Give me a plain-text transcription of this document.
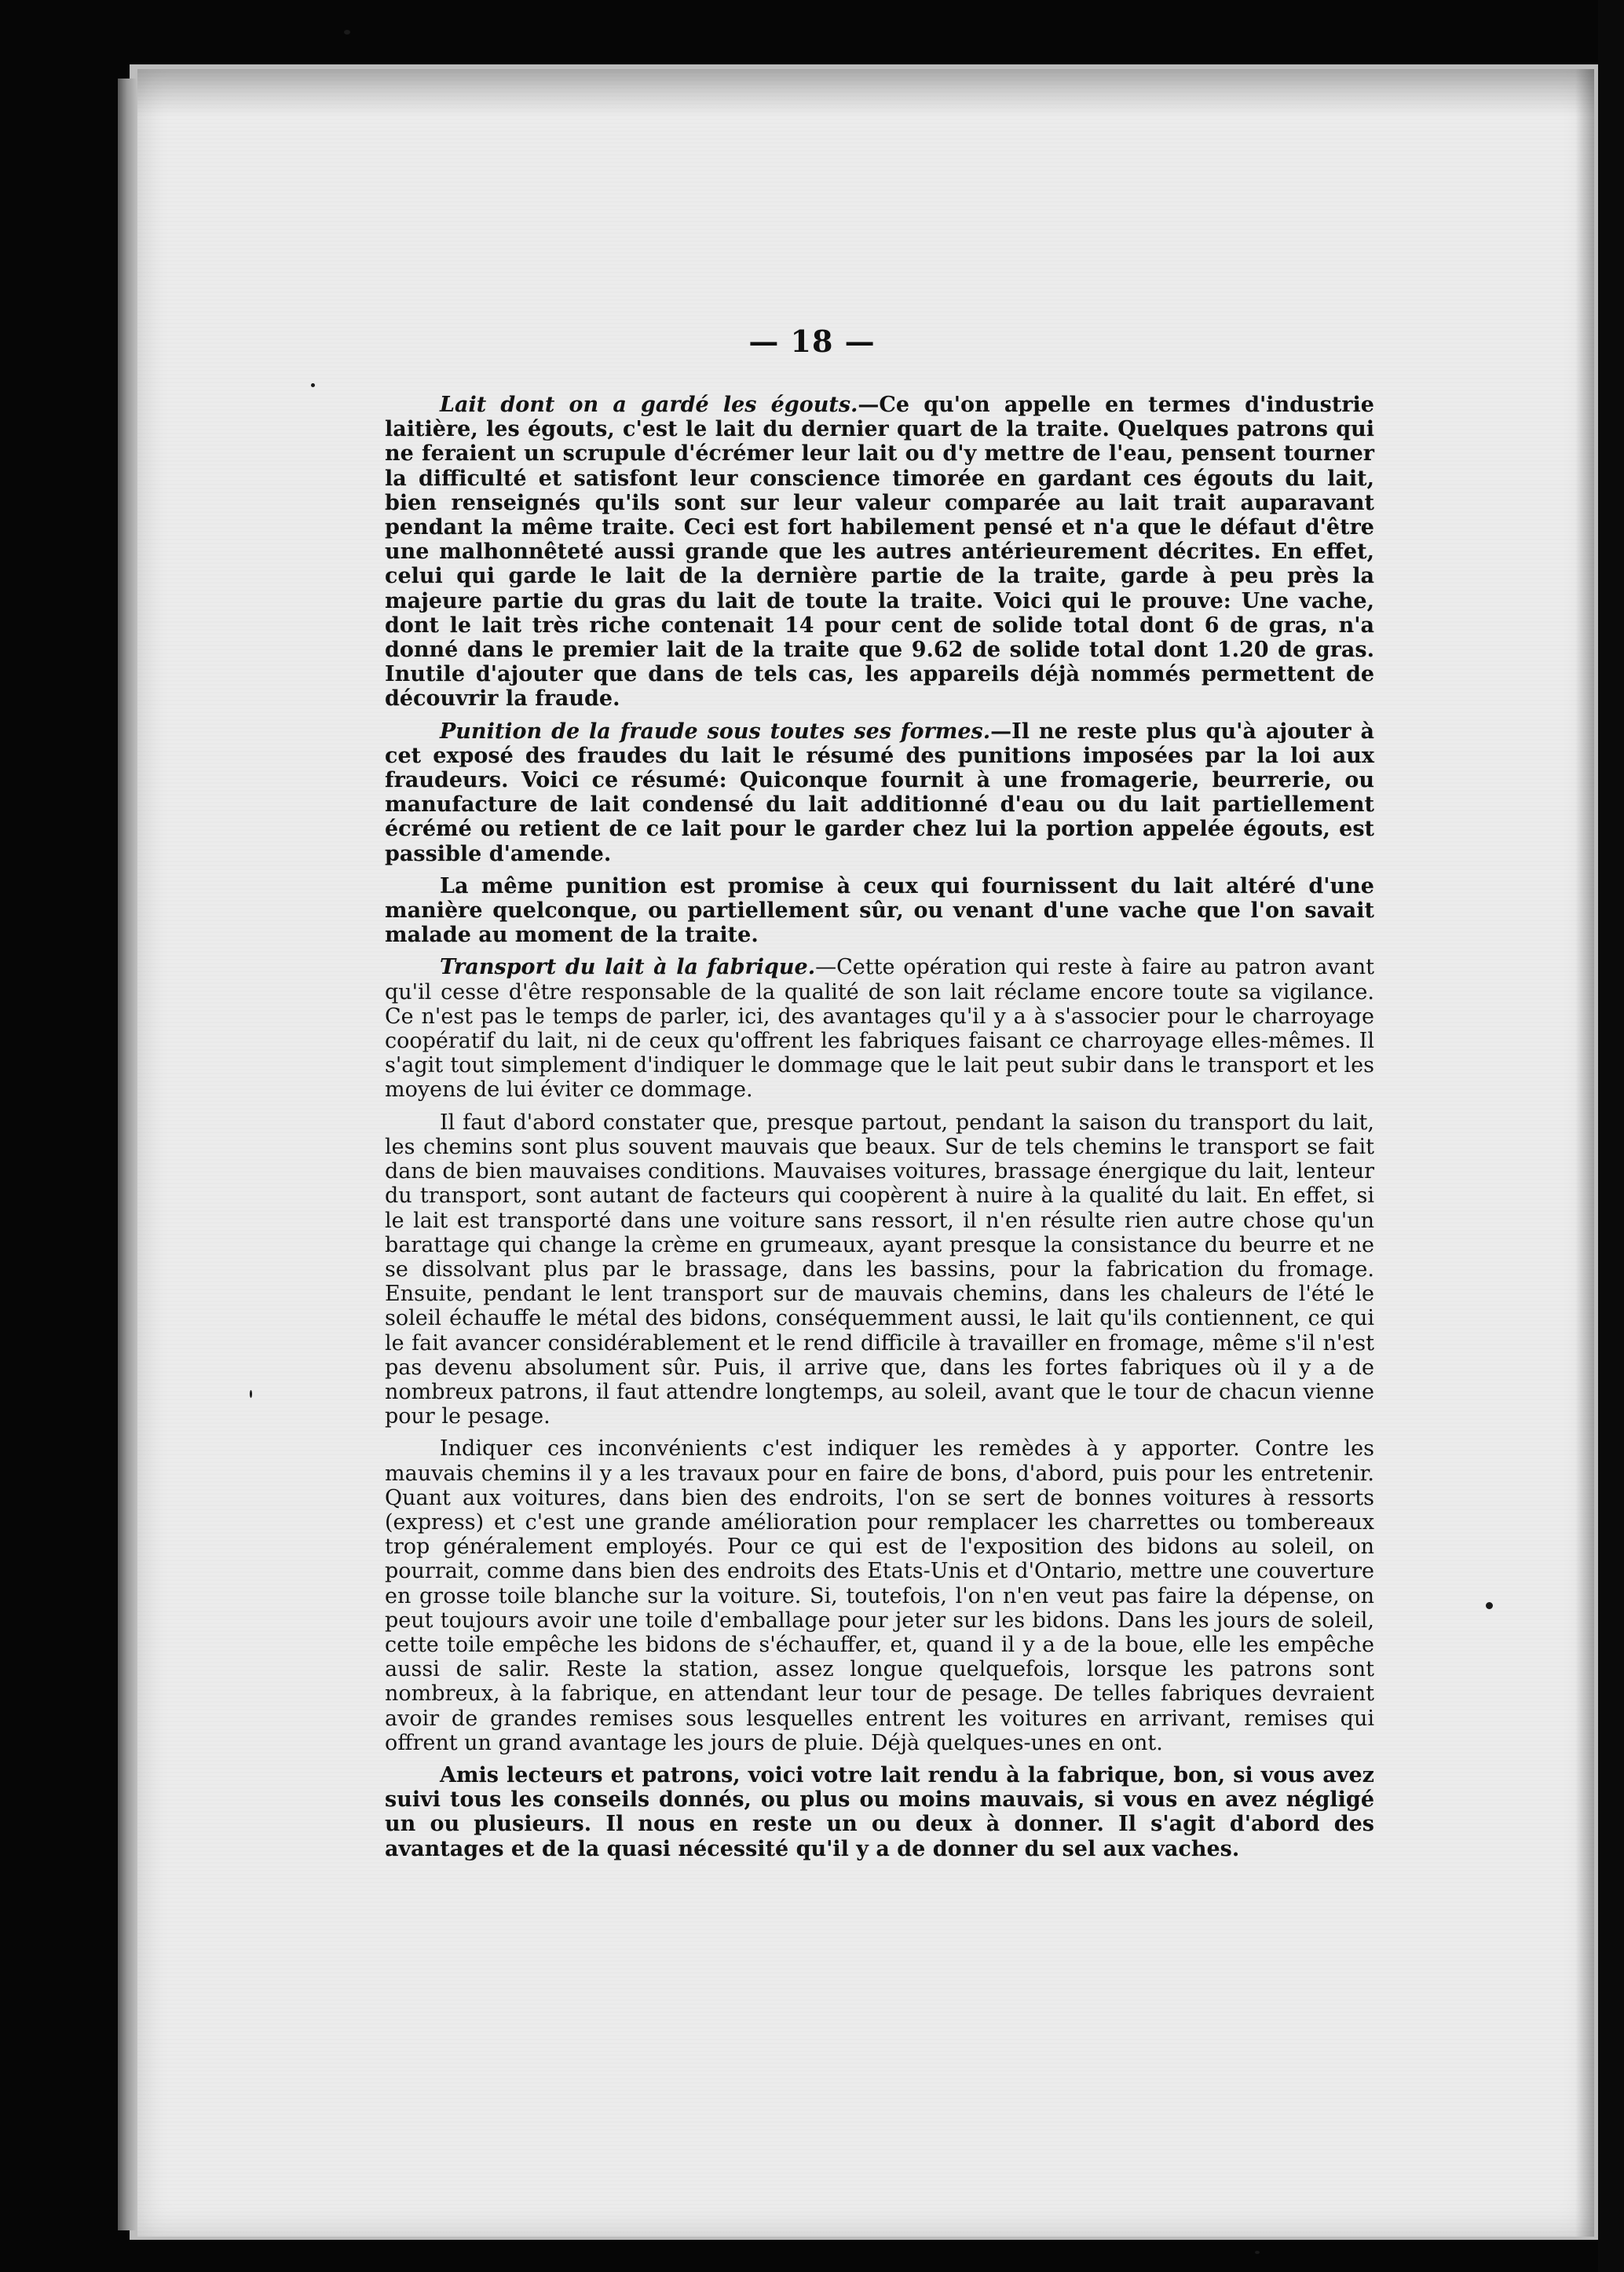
— 18 —

Lait dont on a gardé les égouts.—Ce qu'on appelle en termes d'industrie laitière, les égouts, c'est le lait du dernier quart de la traite. Quelques patrons qui ne feraient un scrupule d'écrémer leur lait ou d'y mettre de l'eau, pensent tourner la difficulté et satisfont leur conscience timorée en gardant ces égouts du lait, bien renseignés qu'ils sont sur leur valeur comparée au lait trait auparavant pendant la même traite. Ceci est fort habilement pensé et n'a que le défaut d'être une malhonnêteté aussi grande que les autres antérieurement décrites. En effet, celui qui garde le lait de la dernière partie de la traite, garde à peu près la majeure partie du gras du lait de toute la traite. Voici qui le prouve: Une vache, dont le lait très riche contenait 14 pour cent de solide total dont 6 de gras, n'a donné dans le premier lait de la traite que 9.62 de solide total dont 1.20 de gras. Inutile d'ajouter que dans de tels cas, les appareils déjà nommés permettent de découvrir la fraude.

Punition de la fraude sous toutes ses formes.—Il ne reste plus qu'à ajouter à cet exposé des fraudes du lait le résumé des punitions imposées par la loi aux fraudeurs. Voici ce résumé: Quiconque fournit à une fromagerie, beurrerie, ou manufacture de lait condensé du lait additionné d'eau ou du lait partiellement écrémé ou retient de ce lait pour le garder chez lui la portion appelée égouts, est passible d'amende.

La même punition est promise à ceux qui fournissent du lait altéré d'une manière quelconque, ou partiellement sûr, ou venant d'une vache que l'on savait malade au moment de la traite.

Transport du lait à la fabrique.—Cette opération qui reste à faire au patron avant qu'il cesse d'être responsable de la qualité de son lait réclame encore toute sa vigilance. Ce n'est pas le temps de parler, ici, des avantages qu'il y a à s'associer pour le charroyage coopératif du lait, ni de ceux qu'offrent les fabriques faisant ce charroyage elles-mêmes. Il s'agit tout simplement d'indiquer le dommage que le lait peut subir dans le transport et les moyens de lui éviter ce dommage.

Il faut d'abord constater que, presque partout, pendant la saison du transport du lait, les chemins sont plus souvent mauvais que beaux. Sur de tels chemins le transport se fait dans de bien mauvaises conditions. Mauvaises voitures, brassage énergique du lait, lenteur du transport, sont autant de facteurs qui coopèrent à nuire à la qualité du lait. En effet, si le lait est transporté dans une voiture sans ressort, il n'en résulte rien autre chose qu'un barattage qui change la crème en grumeaux, ayant presque la consistance du beurre et ne se dissolvant plus par le brassage, dans les bassins, pour la fabrication du fromage. Ensuite, pendant le lent transport sur de mauvais chemins, dans les chaleurs de l'été le soleil échauffe le métal des bidons, conséquemment aussi, le lait qu'ils contiennent, ce qui le fait avancer considérablement et le rend difficile à travailler en fromage, même s'il n'est pas devenu absolument sûr. Puis, il arrive que, dans les fortes fabriques où il y a de nombreux patrons, il faut attendre longtemps, au soleil, avant que le tour de chacun vienne pour le pesage.

Indiquer ces inconvénients c'est indiquer les remèdes à y apporter. Contre les mauvais chemins il y a les travaux pour en faire de bons, d'abord, puis pour les entretenir. Quant aux voitures, dans bien des endroits, l'on se sert de bonnes voitures à ressorts (express) et c'est une grande amélioration pour remplacer les charrettes ou tombereaux trop généralement employés. Pour ce qui est de l'exposition des bidons au soleil, on pourrait, comme dans bien des endroits des Etats-Unis et d'Ontario, mettre une couverture en grosse toile blanche sur la voiture. Si, toutefois, l'on n'en veut pas faire la dépense, on peut toujours avoir une toile d'emballage pour jeter sur les bidons. Dans les jours de soleil, cette toile empêche les bidons de s'échauffer, et, quand il y a de la boue, elle les empêche aussi de salir. Reste la station, assez longue quelquefois, lorsque les patrons sont nombreux, à la fabrique, en attendant leur tour de pesage. De telles fabriques devraient avoir de grandes remises sous lesquelles entrent les voitures en arrivant, remises qui offrent un grand avantage les jours de pluie. Déjà quelques-unes en ont.

Amis lecteurs et patrons, voici votre lait rendu à la fabrique, bon, si vous avez suivi tous les conseils donnés, ou plus ou moins mauvais, si vous en avez négligé un ou plusieurs. Il nous en reste un ou deux à donner. Il s'agit d'abord des avantages et de la quasi nécessité qu'il y a de donner du sel aux vaches.
